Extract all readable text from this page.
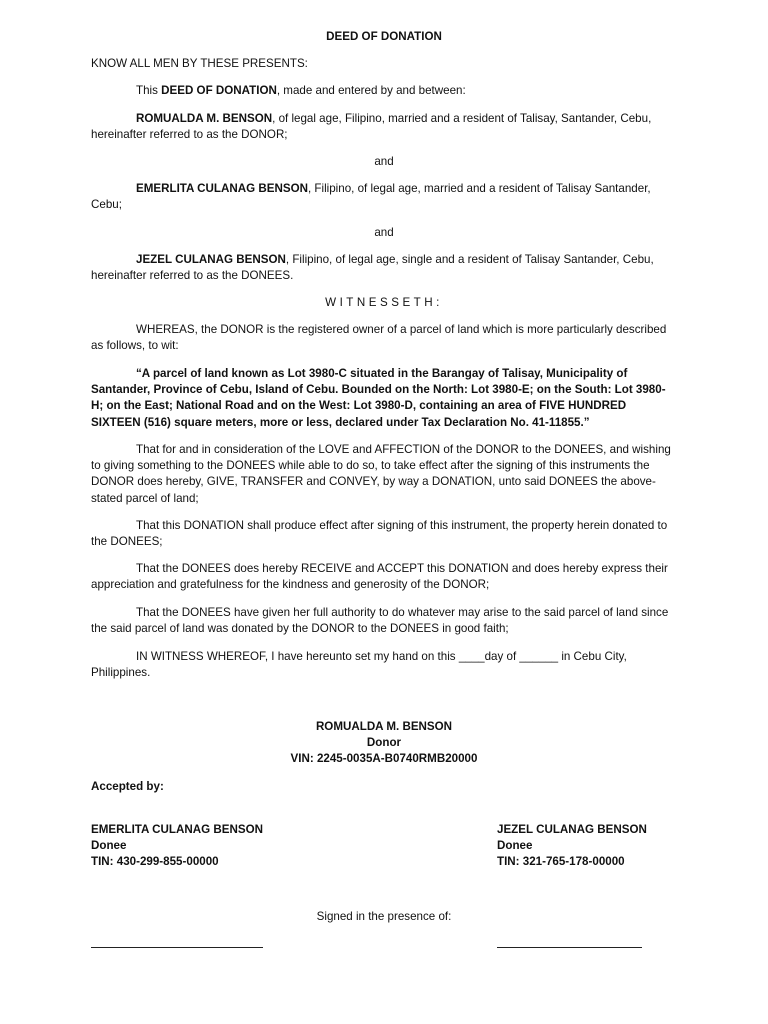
DEED OF DONATION

KNOW ALL MEN BY THESE PRESENTS:

This DEED OF DONATION, made and entered by and between:

ROMUALDA M. BENSON, of legal age, Filipino, married and a resident of Talisay, Santander, Cebu, hereinafter referred to as the DONOR;

and

EMERLITA CULANAG BENSON, Filipino, of legal age, married and a resident of Talisay Santander, Cebu;

and

JEZEL CULANAG BENSON, Filipino, of legal age, single and a resident of Talisay Santander, Cebu, hereinafter referred to as the DONEES.

WITNESSETH:

WHEREAS, the DONOR is the registered owner of a parcel of land which is more particularly described as follows, to wit:

“A parcel of land known as Lot 3980-C situated in the Barangay of Talisay, Municipality of Santander, Province of Cebu, Island of Cebu. Bounded on the North: Lot 3980-E; on the South: Lot 3980-H; on the East; National Road and on the West: Lot 3980-D, containing an area of FIVE HUNDRED SIXTEEN (516) square meters, more or less, declared under Tax Declaration No. 41-11855.”

That for and in consideration of the LOVE and AFFECTION of the DONOR to the DONEES, and wishing to giving something to the DONEES while able to do so, to take effect after the signing of this instruments the DONOR does hereby, GIVE, TRANSFER and CONVEY, by way a DONATION, unto said DONEES the above-stated parcel of land;

That this DONATION shall produce effect after signing of this instrument, the property herein donated to the DONEES;

That the DONEES does hereby RECEIVE and ACCEPT this DONATION and does hereby express their appreciation and gratefulness for the kindness and generosity of the DONOR;

That the DONEES have given her full authority to do whatever may arise to the said parcel of land since the said parcel of land was donated by the DONOR to the DONEES in good faith;

IN WITNESS WHEREOF, I have hereunto set my hand on this ____day of ______ in Cebu City, Philippines.

ROMUALDA M. BENSON
Donor
VIN: 2245-0035A-B0740RMB20000

Accepted by:

EMERLITA CULANAG BENSON
Donee
TIN: 430-299-855-00000
JEZEL CULANAG BENSON
Donee
TIN: 321-765-178-00000

Signed in the presence of:
